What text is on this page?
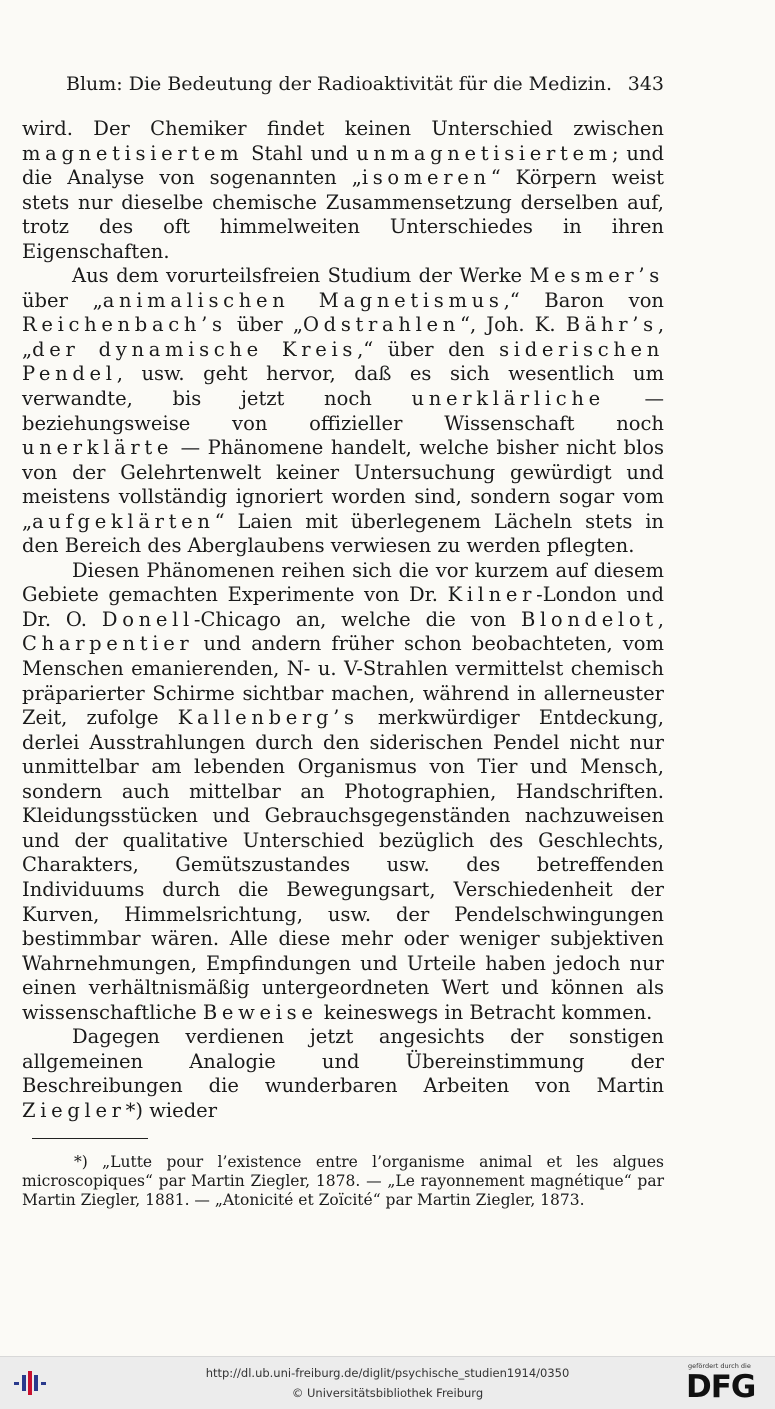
Blum: Die Bedeutung der Radioaktivität für die Medizin. 343

wird. Der Chemiker findet keinen Unterschied zwischen magnetisiertem Stahl und unmagnetisiertem; und die Analyse von sogenannten „isomeren“ Körpern weist stets nur dieselbe chemische Zusammensetzung derselben auf, trotz des oft himmelweiten Unterschiedes in ihren Eigenschaften.

Aus dem vorurteilsfreien Studium der Werke Mesmer’s über „animalischen Magnetismus,“ Baron von Reichenbach’s über „Odstrahlen“, Joh. K. Bähr’s, „der dynamische Kreis,“ über den siderischen Pendel, usw. geht hervor, daß es sich wesentlich um verwandte, bis jetzt noch unerklärliche — beziehungsweise von offizieller Wissenschaft noch unerklärte — Phänomene handelt, welche bisher nicht blos von der Gelehrtenwelt keiner Untersuchung gewürdigt und meistens vollständig ignoriert worden sind, sondern sogar vom „aufgeklärten“ Laien mit überlegenem Lächeln stets in den Bereich des Aberglaubens verwiesen zu werden pflegten.

Diesen Phänomenen reihen sich die vor kurzem auf diesem Gebiete gemachten Experimente von Dr. Kilner-London und Dr. O. Donell-Chicago an, welche die von Blondelot, Charpentier und andern früher schon beobachteten, vom Menschen emanierenden, N- u. V-Strahlen vermittelst chemisch präparierter Schirme sichtbar machen, während in allerneuster Zeit, zufolge Kallenberg’s merkwürdiger Entdeckung, derlei Ausstrahlungen durch den siderischen Pendel nicht nur unmittelbar am lebenden Organismus von Tier und Mensch, sondern auch mittelbar an Photographien, Handschriften. Kleidungsstücken und Gebrauchsgegenständen nachzuweisen und der qualitative Unterschied bezüglich des Geschlechts, Charakters, Gemütszustandes usw. des betreffenden Individuums durch die Bewegungsart, Verschiedenheit der Kurven, Himmelsrichtung, usw. der Pendelschwingungen bestimmbar wären. Alle diese mehr oder weniger subjektiven Wahrnehmungen, Empfindungen und Urteile haben jedoch nur einen verhältnismäßig untergeordneten Wert und können als wissenschaftliche Beweise keineswegs in Betracht kommen.

Dagegen verdienen jetzt angesichts der sonstigen allgemeinen Analogie und Übereinstimmung der Beschreibungen die wunderbaren Arbeiten von Martin Ziegler*) wieder

*) „Lutte pour l’existence entre l’organisme animal et les algues microscopiques“ par Martin Ziegler, 1878. — „Le rayonnement magnétique“ par Martin Ziegler, 1881. — „Atonicité et Zoïcité“ par Martin Ziegler, 1873.
http://dl.ub.uni-freiburg.de/diglit/psychische_studien1914/0350
© Universitätsbibliothek Freiburg
gefördert durch die
DFG
